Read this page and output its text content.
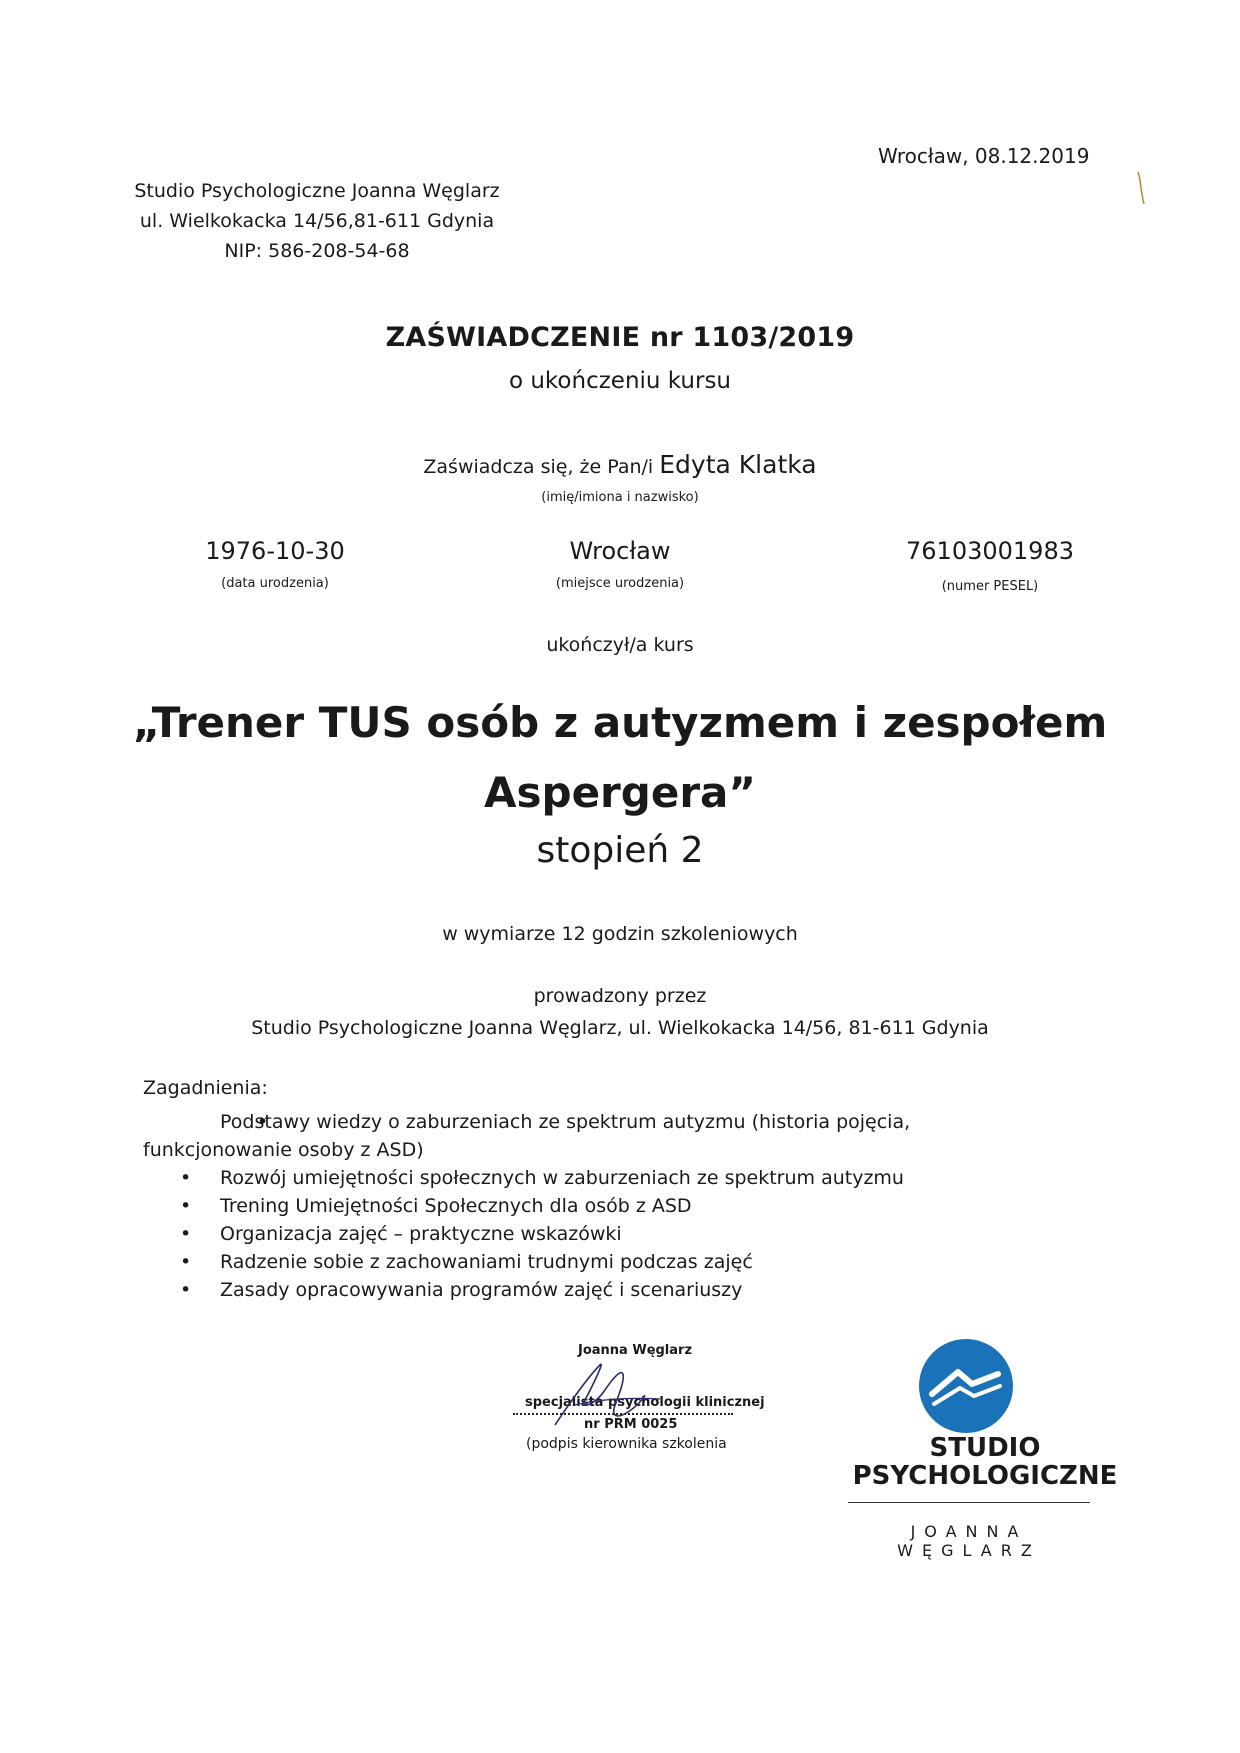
Wrocław, 08.12.2019
Studio Psychologiczne Joanna Węglarz
ul. Wielkokacka 14/56,81-611 Gdynia
NIP: 586-208-54-68
ZAŚWIADCZENIE nr 1103/2019
o ukończeniu kursu
Zaświadcza się, że Pan/i Edyta Klatka
(imię/imiona i nazwisko)
1976-10-30	Wrocław	76103001983
(data urodzenia)	(miejsce urodzenia)	(numer PESEL)
ukończył/a kurs
„Trener TUS osób z autyzmem i zespołem
Aspergera”
stopień 2
w wymiarze 12 godzin szkoleniowych
prowadzony przez
Studio Psychologiczne Joanna Węglarz, ul. Wielkokacka 14/56, 81-611 Gdynia
Zagadnienia:
• Podstawy wiedzy o zaburzeniach ze spektrum autyzmu (historia pojęcia, funkcjonowanie osoby z ASD)
• Rozwój umiejętności społecznych w zaburzeniach ze spektrum autyzmu
• Trening Umiejętności Społecznych dla osób z ASD
• Organizacja zajęć – praktyczne wskazówki
• Radzenie sobie z zachowaniami trudnymi podczas zajęć
• Zasady opracowywania programów zajęć i scenariuszy
Joanna Węglarz
specjalista psychologii klinicznej
nr PRM 0025
(podpis kierownika szkolenia	STUDIO
PSYCHOLOGICZNE
JOANNA WĘGLARZ
